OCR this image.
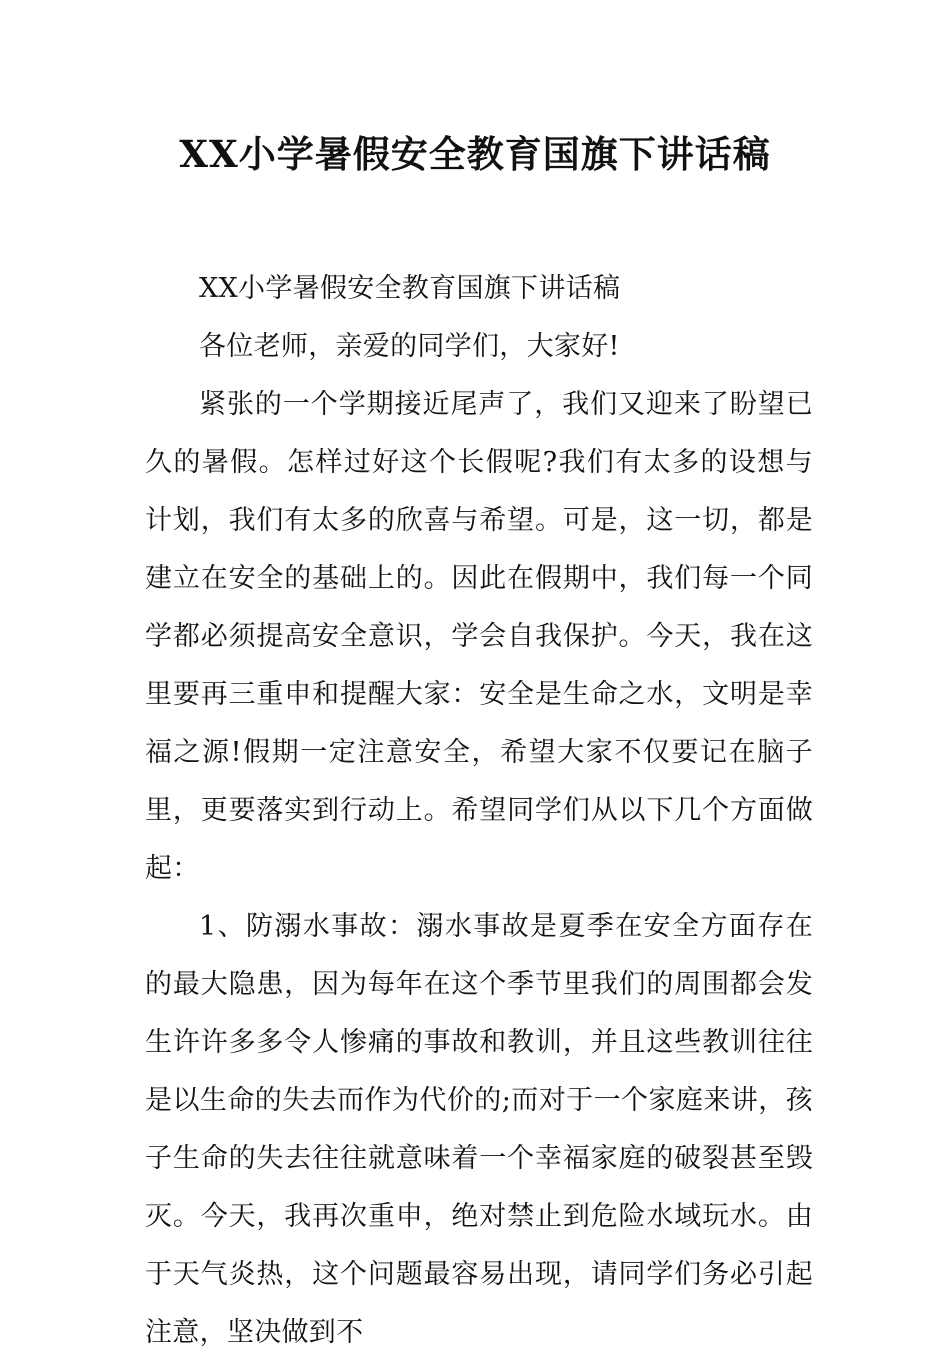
XX小学暑假安全教育国旗下讲话稿

XX小学暑假安全教育国旗下讲话稿

各位老师，亲爱的同学们，大家好!

紧张的一个学期接近尾声了，我们又迎来了盼望已久的暑假。怎样过好这个长假呢?我们有太多的设想与计划，我们有太多的欣喜与希望。可是，这一切，都是建立在安全的基础上的。因此在假期中，我们每一个同学都必须提高安全意识，学会自我保护。今天，我在这里要再三重申和提醒大家：安全是生命之水，文明是幸福之源!假期一定注意安全，希望大家不仅要记在脑子里，更要落实到行动上。希望同学们从以下几个方面做起：

1、防溺水事故：溺水事故是夏季在安全方面存在的最大隐患，因为每年在这个季节里我们的周围都会发生许许多多令人惨痛的事故和教训，并且这些教训往往是以生命的失去而作为代价的;而对于一个家庭来讲，孩子生命的失去往往就意味着一个幸福家庭的破裂甚至毁灭。今天，我再次重申，绝对禁止到危险水域玩水。由于天气炎热，这个问题最容易出现，请同学们务必引起注意，坚决做到不
